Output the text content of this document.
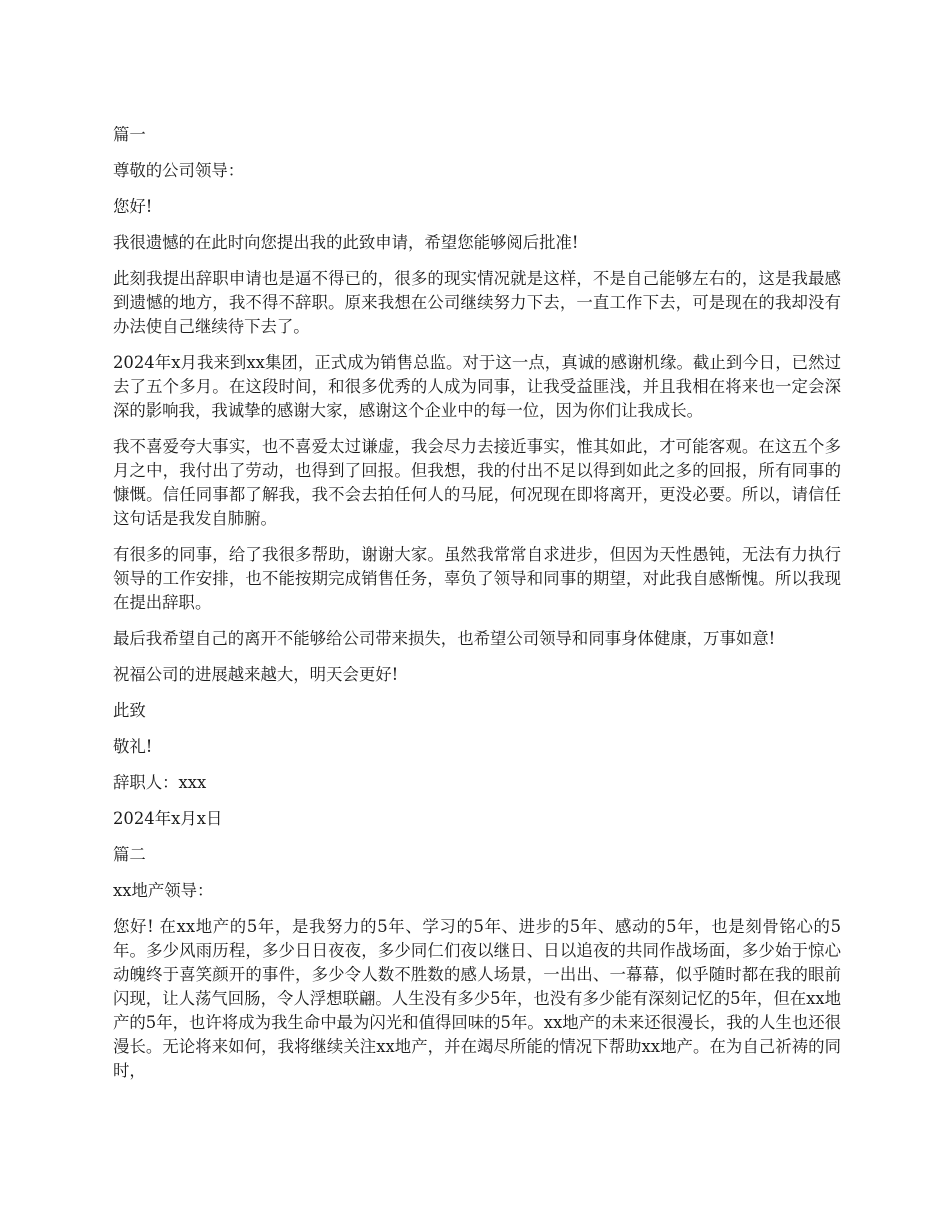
篇一

尊敬的公司领导：

您好!

我很遗憾的在此时向您提出我的此致申请，希望您能够阅后批准!

此刻我提出辞职申请也是逼不得已的，很多的现实情况就是这样，不是自己能够左右的，这是我最感到遗憾的地方，我不得不辞职。原来我想在公司继续努力下去，一直工作下去，可是现在的我却没有办法使自己继续待下去了。

2024年x月我来到xx集团，正式成为销售总监。对于这一点，真诚的感谢机缘。截止到今日，已然过去了五个多月。在这段时间，和很多优秀的人成为同事，让我受益匪浅，并且我相在将来也一定会深深的影响我，我诚挚的感谢大家，感谢这个企业中的每一位，因为你们让我成长。

我不喜爱夸大事实，也不喜爱太过谦虚，我会尽力去接近事实，惟其如此，才可能客观。在这五个多月之中，我付出了劳动，也得到了回报。但我想，我的付出不足以得到如此之多的回报，所有同事的慷慨。信任同事都了解我，我不会去拍任何人的马屁，何况现在即将离开，更没必要。所以，请信任这句话是我发自肺腑。

有很多的同事，给了我很多帮助，谢谢大家。虽然我常常自求进步，但因为天性愚钝，无法有力执行领导的工作安排，也不能按期完成销售任务，辜负了领导和同事的期望，对此我自感惭愧。所以我现在提出辞职。

最后我希望自己的离开不能够给公司带来损失，也希望公司领导和同事身体健康，万事如意!

祝福公司的进展越来越大，明天会更好!

此致

敬礼!

辞职人：xxx

2024年x月x日

篇二

xx地产领导：

您好! 在xx地产的5年，是我努力的5年、学习的5年、进步的5年、感动的5年，也是刻骨铭心的5年。多少风雨历程，多少日日夜夜，多少同仁们夜以继日、日以追夜的共同作战场面，多少始于惊心动魄终于喜笑颜开的事件，多少令人数不胜数的感人场景，一出出、一幕幕，似乎随时都在我的眼前闪现，让人荡气回肠，令人浮想联翩。人生没有多少5年，也没有多少能有深刻记忆的5年，但在xx地产的5年，也许将成为我生命中最为闪光和值得回味的5年。xx地产的未来还很漫长，我的人生也还很漫长。无论将来如何，我将继续关注xx地产，并在竭尽所能的情况下帮助xx地产。在为自己祈祷的同时，
